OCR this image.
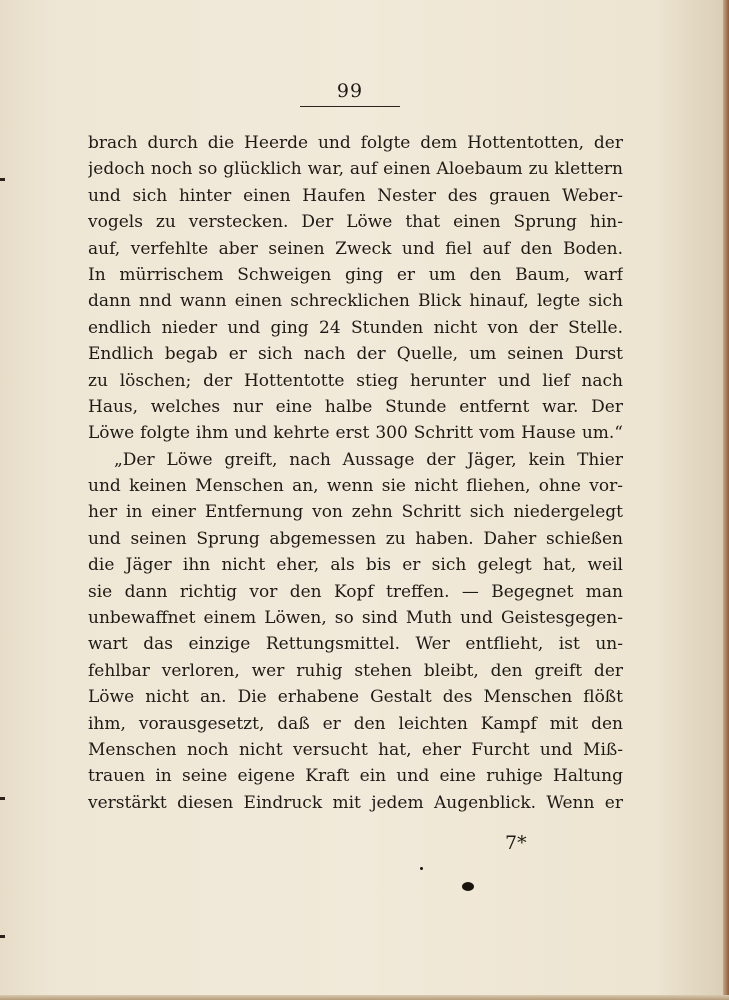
99
brach durch die Heerde und folgte dem Hottentotten, der
jedoch noch so glücklich war, auf einen Aloebaum zu klettern
und sich hinter einen Haufen Nester des grauen Weber-
vogels zu verstecken. Der Löwe that einen Sprung hin-
auf, verfehlte aber seinen Zweck und fiel auf den Boden.
In mürrischem Schweigen ging er um den Baum, warf
dann nnd wann einen schrecklichen Blick hinauf, legte sich
endlich nieder und ging 24 Stunden nicht von der Stelle.
Endlich begab er sich nach der Quelle, um seinen Durst
zu löschen; der Hottentotte stieg herunter und lief nach
Haus, welches nur eine halbe Stunde entfernt war. Der
Löwe folgte ihm und kehrte erst 300 Schritt vom Hause um.“
„Der Löwe greift, nach Aussage der Jäger, kein Thier
und keinen Menschen an, wenn sie nicht fliehen, ohne vor-
her in einer Entfernung von zehn Schritt sich niedergelegt
und seinen Sprung abgemessen zu haben. Daher schießen
die Jäger ihn nicht eher, als bis er sich gelegt hat, weil
sie dann richtig vor den Kopf treffen. — Begegnet man
unbewaffnet einem Löwen, so sind Muth und Geistesgegen-
wart das einzige Rettungsmittel. Wer entflieht, ist un-
fehlbar verloren, wer ruhig stehen bleibt, den greift der
Löwe nicht an. Die erhabene Gestalt des Menschen flößt
ihm, vorausgesetzt, daß er den leichten Kampf mit den
Menschen noch nicht versucht hat, eher Furcht und Miß-
trauen in seine eigene Kraft ein und eine ruhige Haltung
verstärkt diesen Eindruck mit jedem Augenblick. Wenn er
7*
